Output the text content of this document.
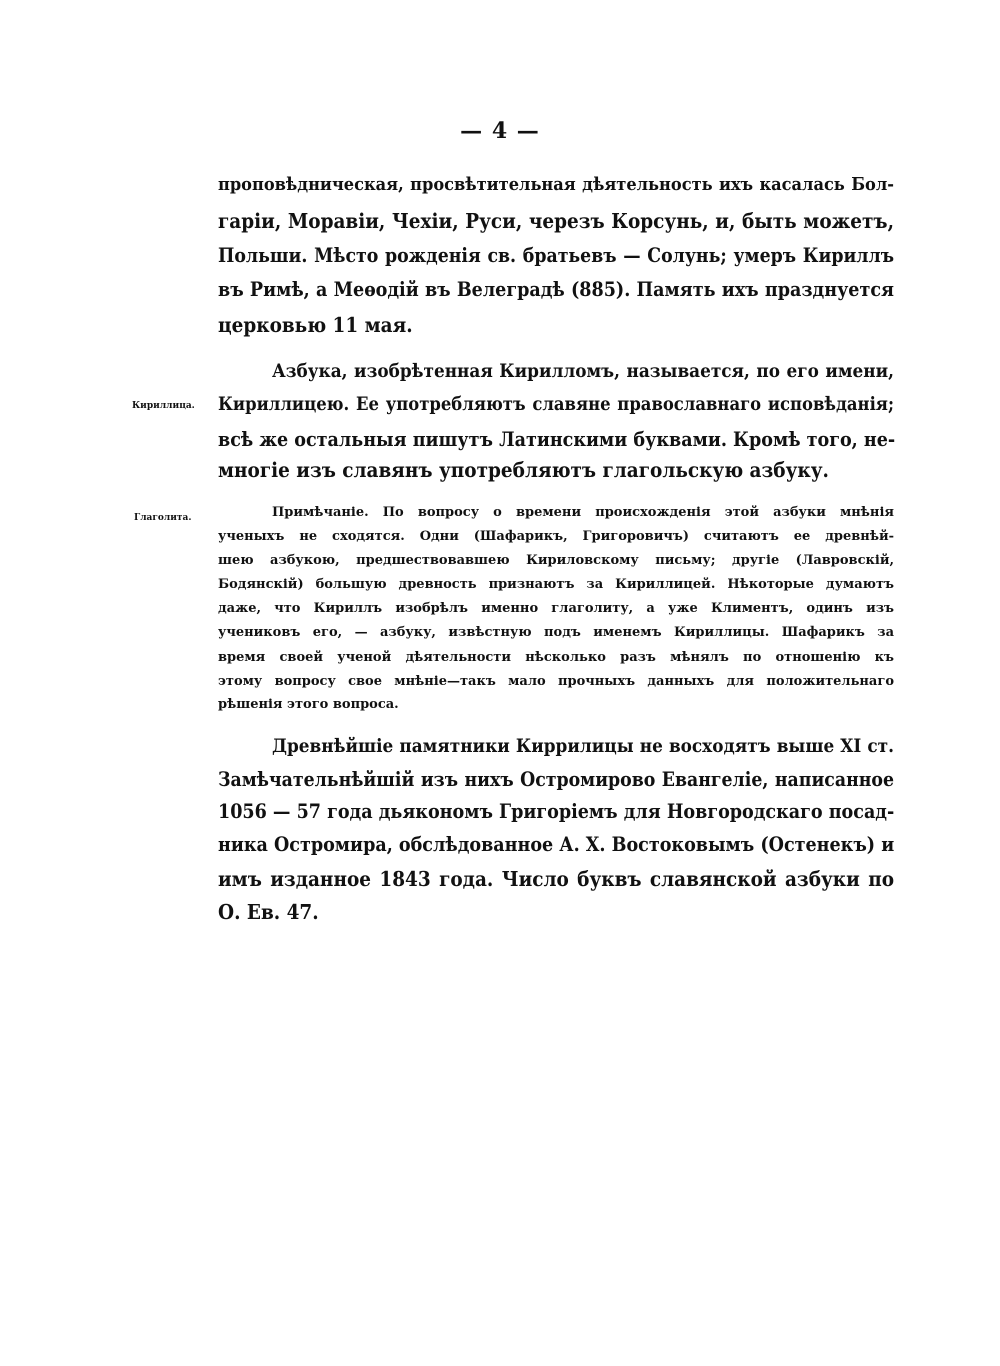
— 4 —
проповѣдническая, просвѣтительная дѣятельность ихъ касалась Бол-
гаріи, Моравіи, Чехіи, Руси, черезъ Корсунь, и, быть можетъ,
Польши. Мѣсто рожденія св. братьевъ — Солунь; умеръ Кириллъ
въ Римѣ, а Меѳодій въ Велеградѣ (885). Память ихъ празднуется
церковью 11 мая.
Кириллица.
Азбука, изобрѣтенная Кирилломъ, называется, по его имени,
Кириллицею. Ее употребляютъ славяне православнаго исповѣданія;
всѣ же остальныя пишутъ Латинскими буквами. Кромѣ того, не-
многіе изъ славянъ употребляютъ глагольскую азбуку.
Глаголита.	Примѣчаніе. По вопросу о времени происхожденія этой азбуки мнѣнія
ученыхъ не сходятся. Одни (Шафарикъ, Григоровичъ) считаютъ ее древнѣй-
шею азбукою, предшествовавшею Кириловскому письму; другіе (Лавровскій,
Бодянскій) большую древность признаютъ за Кириллицей. Нѣкоторые думаютъ
даже, что Кириллъ изобрѣлъ именно глаголиту, а уже Климентъ, одинъ изъ
учениковъ его, — азбуку, извѣстную подъ именемъ Кириллицы. Шафарикъ за
время своей ученой дѣятельности нѣсколько разъ мѣнялъ по отношенію къ
этому вопросу свое мнѣніе—такъ мало прочныхъ данныхъ для положительнаго
рѣшенія этого вопроса.
Древнѣйшіе памятники Киррилицы не восходятъ выше XI ст.
Замѣчательнѣйшій изъ нихъ Остромирово Евангеліе, написанное
1056 — 57 года дьякономъ Григоріемъ для Новгородскаго посад-
ника Остромира, обслѣдованное А. Х. Востоковымъ (Остенекъ) и
имъ изданное 1843 года. Число буквъ славянской азбуки по
О. Ев. 47.
